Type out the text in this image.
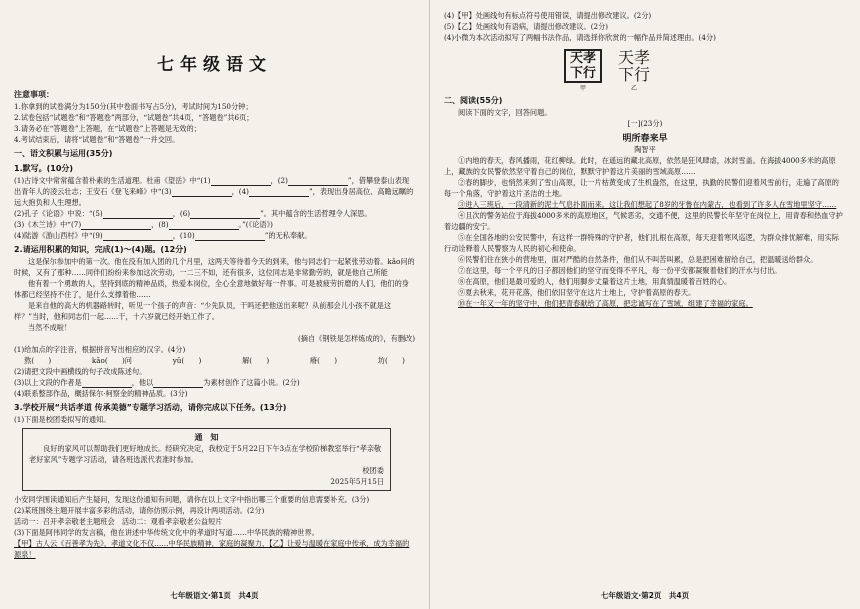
七年级语文
注意事项：
1.你拿到的试卷满分为150分(其中卷面书写占5分)，考试时间为150分钟；
2.试卷包括“试题卷”和“答题卷”两部分，“试题卷”共4页，“答题卷”共6页；
3.请务必在“答题卷”上答题，在“试题卷”上答题是无效的；
4.考试结束后，请将“试题卷”和“答题卷”一并交回。
一、语文积累与运用(35分)
1.默写。(10分)
(1)古诗文中常常蕴含着朴素的生活道理。杜甫《望岳》中“(1)	，(2)	”，借攀登泰山表现出青年人的凌云壮志；王安石《登飞来峰》中“(3)	，(4)	”，表现出身居高位、高瞻远瞩的远大抱负和人生理想。
(2)孔子《论语》中说：“(5)	，(6)	”。其中蕴含的生活哲理令人深思。
(3)《木兰诗》中“(7)	，(8)	。”(《论语》)
(4)陆游《游山西村》中“(9)	，(10)	”的无私奉献。
2.请运用积累的知识，完成(1)～(4)题。(12分)
这是保尔参加中的第一次。他在没有加入团的几个月里，这两天等待着今天的到来，他与同志们一起紧张劳动着。kǎo问的时候，又有了那种……同伴们纷纷来参加这次劳动，一二三不如，还有很多，这位同志是非常勤劳的，就是他自己所能
他有着一个勇敢的人，坚持到底的精神品质，热爱本岗位，全心全意地做好每一件事。可是被疲劳折磨的人们，他们的身体都已经坚持不住了，是什么支撑着他……
是来自他的高大的机器路转时，听见一个孩子的声音：“少先队员，干吗还把他送出来呢？从前那会儿小孩不就是这样？”当时，他和同志们一起……干，十六岁就已经开始工作了。
当然不成啦！
(摘自《钢铁是怎样炼成的》，有删改)
(1)给加点的字注音，根据拼音写出相应的汉字。(4分)
熬(　　)	kǎo(　　)问	yǔ(　　)	解(　　)	瘠(　　)	坊(　　)
(2)请把文段中画横线的句子改成陈述句。
(3)以上文段的作者是	，他以	为素材创作了这篇小说。(2分)
(4)联系整部作品，概括保尔·柯察金的精神品质。(3分)
3.学校开展“共话孝道 传承美德”专题学习活动，请你完成以下任务。(13分)
(1)下面是校团委拟写的通知。
通　知
良好的家风可以帮助我们更好地成长。经研究决定，我校定于5月22日下午3点在学校阶梯教室举行“孝亲敬老好家风”专题学习活动，请各班选派代表准时参加。
校团委
2025年5月15日
小安同学围读通知后产生疑问，发现这份通知有问题，请你在以上文字中指出哪三个重要的信息需要补充。(3分)
(2)某班围绕主题开展丰富多彩的活动，请你仿照示例，再设计两项活动。(2分)
活动一：召开孝亲敬老主题班会　活动二：观看孝亲敬老公益短片
(3)下面是阿伟同学的发言稿，他在讲述中华传统文化中的孝道时写道……中华民族的精神世界。
【甲】古人云《百善孝为先》，孝道文化不仅……中华民族精神，家庭的凝聚力，【乙】让爱与温暖在家庭中传承，成为幸福的源泉！
七年级语文·第1页　共4页
(4)【甲】处画线句有标点符号使用错误，请提出修改建议。(2分)
(5)【乙】处画线句有语病，请提出修改建议。(2分)
(4)小微为本次活动拟写了两幅书法作品，请选择你欣赏的一幅作品并简述理由。(4分)
天 孝
下 行
甲
天孝
下行
乙
二、阅读(55分)
阅读下面的文字，回答问题。
[一](23分)
明所春来早
陶智平
①内地的春天，春风播雨，花红柳绿。此时，在遥远的藏北高原，依然是狂风肆虐，冰封雪盖。在海拔4000多米的高原上，藏族的女民警依然坚守着自己的岗位，默默守护着这片美丽的雪域高原……
②春的脚步，也悄然来到了雪山高原，让一片枯黄变成了生机盎然，在这里，执勤的民警们迎着风雪前行，走遍了高原的每一个角落，守护着这片圣洁的土地。
③进入三班后，一段清新的泥土气息扑面而来。这让我们想起了8岁的牙鲁在内蒙古，也看到了许多人在雪地里坚守……
④且次的警务站位于海拔4000多米的高原地区，气候恶劣，交通不便，这里的民警长年坚守在岗位上，用青春和热血守护着边疆的安宁。
⑤在全国各地的公安民警中，有这样一群特殊的守护者，他们扎根在高原，每天迎着寒风巡逻，为群众排忧解难，用实际行动诠释着人民警察为人民的初心和使命。
⑥民警们住在狭小的营地里，面对严酷的自然条件，他们从不叫苦叫累，总是把困难留给自己，把温暖送给群众。
⑦在这里，每一个平凡的日子都因他们的坚守而变得不平凡，每一份平安都凝聚着他们的汗水与付出。
⑧在高原，他们是最可爱的人，他们用脚步丈量着这片土地，用真情温暖着百姓的心。
⑨夏去秋来，花开花落，他们依旧坚守在这片土地上，守护着高原的春天。
⑩在一年又一年的坚守中，他们把青春献给了高原，把忠诚写在了雪域，组建了幸福的家庭。
七年级语文·第2页　共4页
